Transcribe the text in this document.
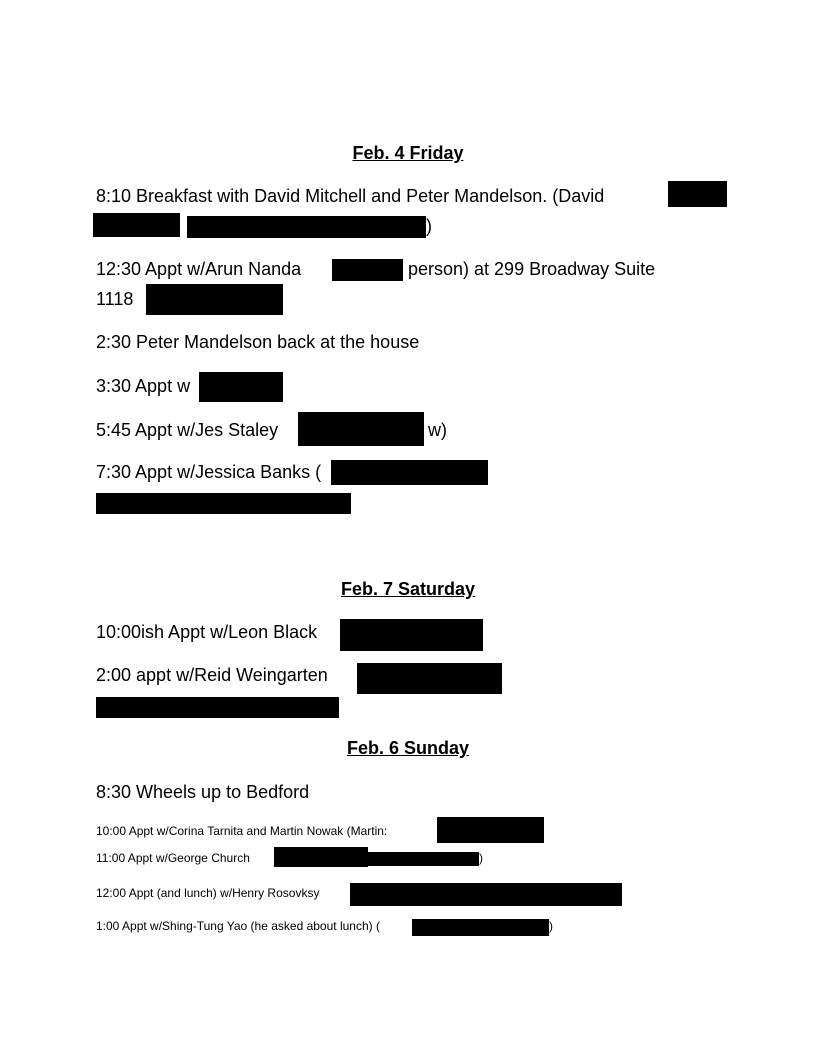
Feb. 4 Friday
8:10 Breakfast with David Mitchell and Peter Mandelson. (David
)
12:30 Appt w/Arun Nanda	person) at 299 Broadway Suite
1118
2:30 Peter Mandelson back at the house
3:30 Appt w
5:45 Appt w/Jes Staley	w)
7:30 Appt w/Jessica Banks (
Feb. 7 Saturday
10:00ish Appt w/Leon Black
2:00 appt w/Reid Weingarten
Feb. 6 Sunday
8:30 Wheels up to Bedford
10:00 Appt w/Corina Tarnita and Martin Nowak (Martin:
11:00 Appt w/George Church	)
12:00 Appt (and lunch) w/Henry Rosovksy
1:00 Appt w/Shing-Tung Yao (he asked about lunch) (	)
